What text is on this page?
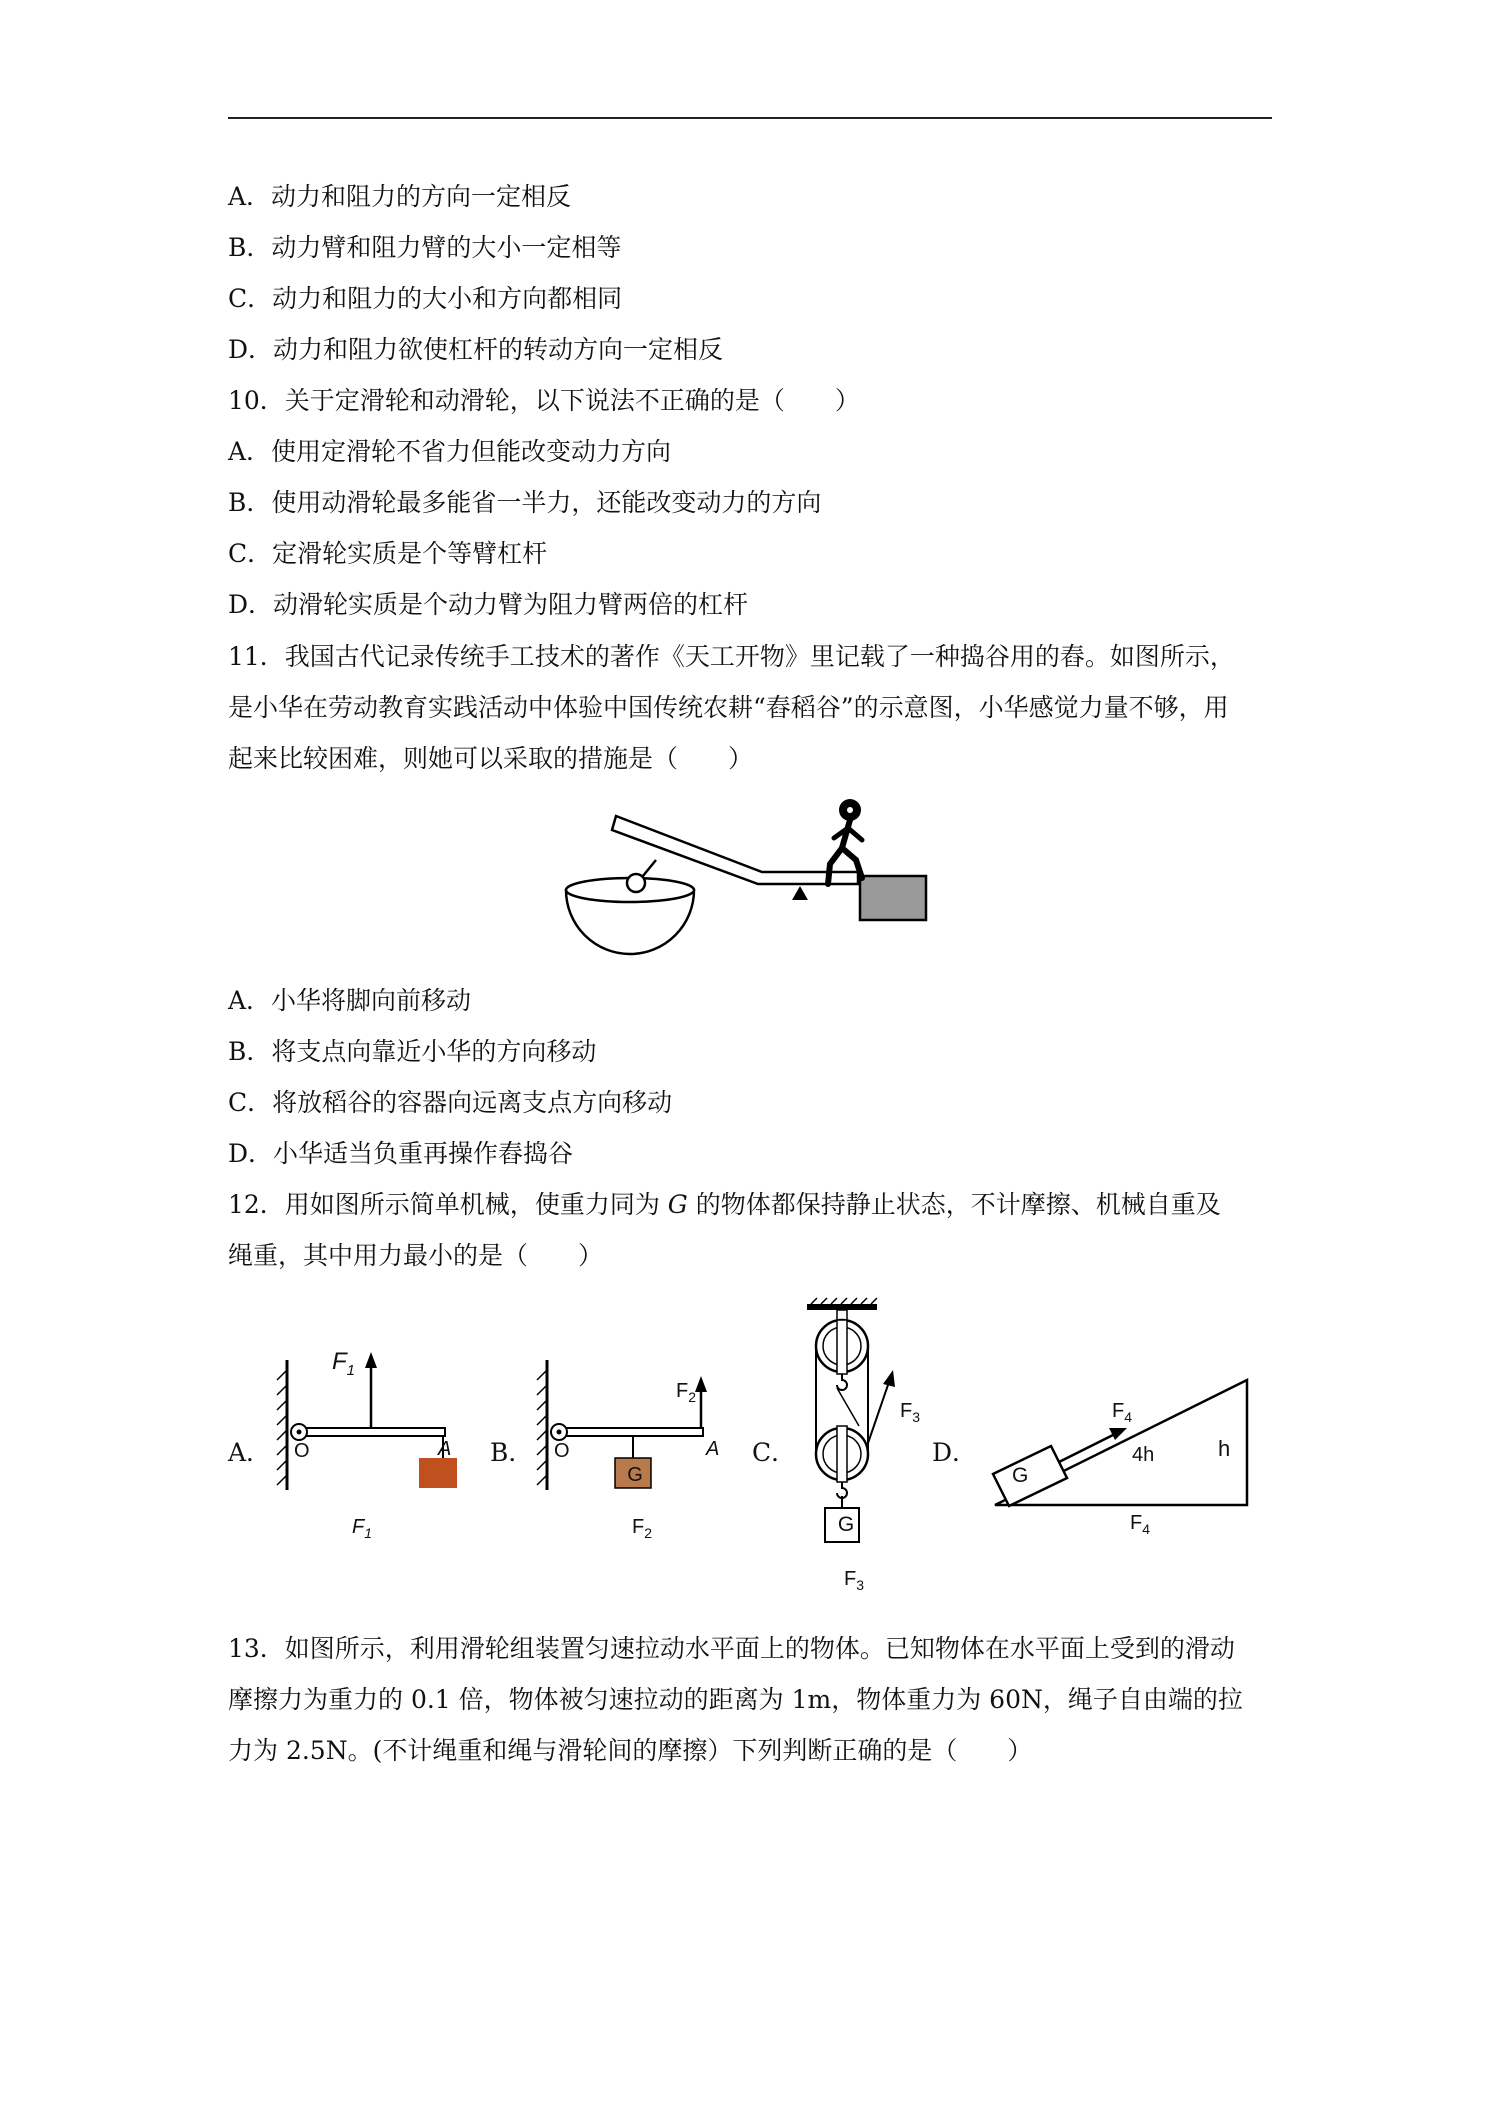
A．动力和阻力的方向一定相反
B．动力臂和阻力臂的大小一定相等
C．动力和阻力的大小和方向都相同
D．动力和阻力欲使杠杆的转动方向一定相反
10．关于定滑轮和动滑轮，以下说法不正确的是（　　）
A．使用定滑轮不省力但能改变动力方向
B．使用动滑轮最多能省一半力，还能改变动力的方向
C．定滑轮实质是个等臂杠杆
D．动滑轮实质是个动力臂为阻力臂两倍的杠杆
11．我国古代记录传统手工技术的著作《天工开物》里记载了一种捣谷用的舂。如图所示，
是小华在劳动教育实践活动中体验中国传统农耕“舂稻谷”的示意图，小华感觉力量不够，用
起来比较困难，则她可以采取的措施是（　　）
A．小华将脚向前移动
B．将支点向靠近小华的方向移动
C．将放稻谷的容器向远离支点方向移动
D．小华适当负重再操作舂捣谷
12．用如图所示简单机械，使重力同为 G 的物体都保持静止状态，不计摩擦、机械自重及
绳重，其中用力最小的是（　　）
A．	B．	C．	D．
$F_1$
O	A
$F_1$
G
$F_2$
O	A
$F_2$	G
$F_3$
$F_3$
G
$F_4$
4h	h
$F_4$
13．如图所示，利用滑轮组装置匀速拉动水平面上的物体。已知物体在水平面上受到的滑动
摩擦力为重力的 0.1 倍，物体被匀速拉动的距离为 1m，物体重力为 60N，绳子自由端的拉
力为 2.5N。(不计绳重和绳与滑轮间的摩擦）下列判断正确的是（　　）
